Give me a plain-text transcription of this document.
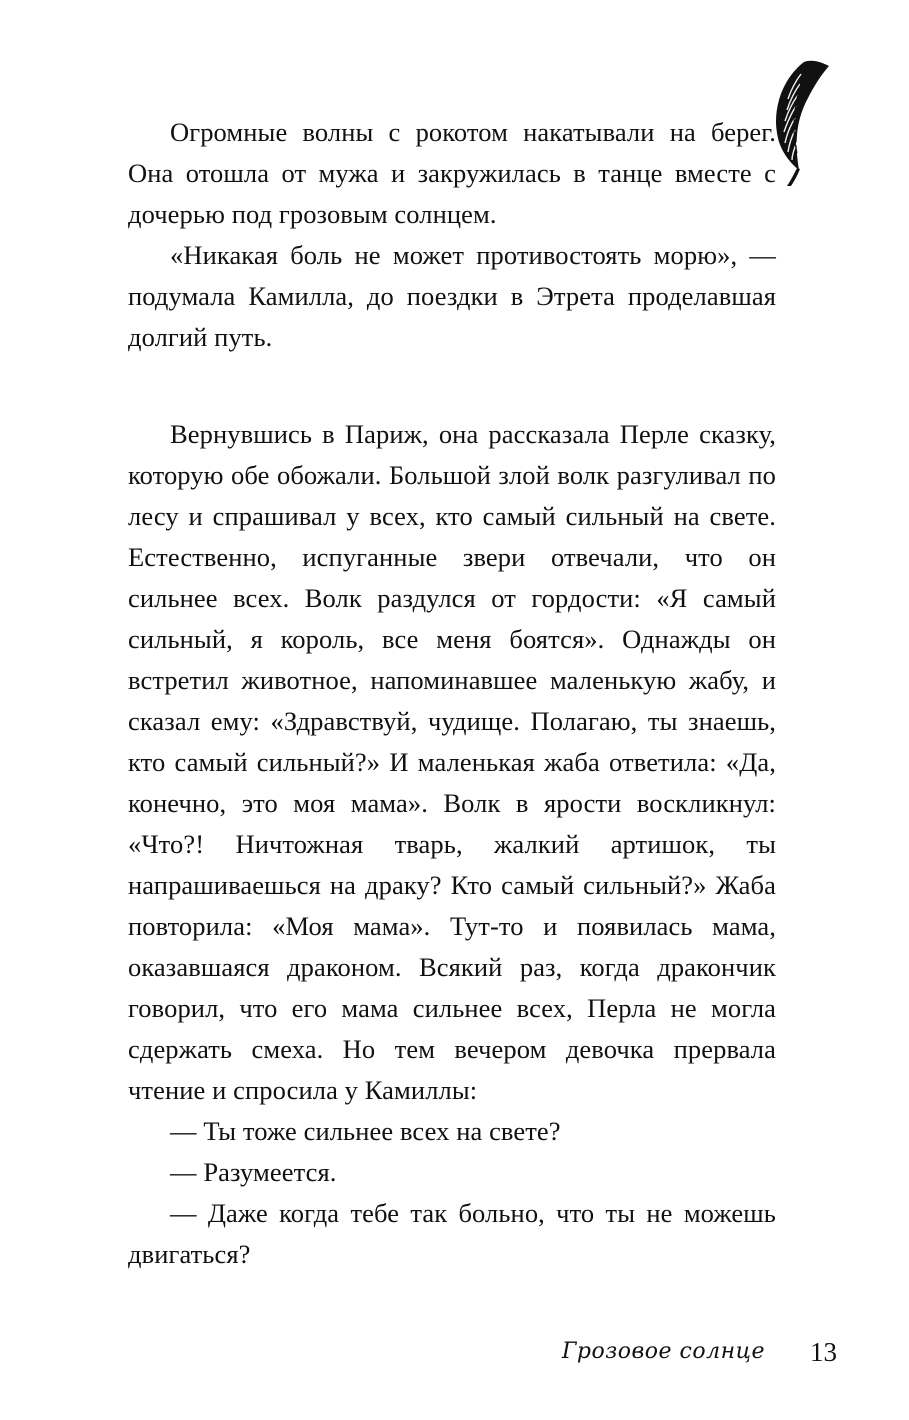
Огромные волны с рокотом накатывали на берег. Она отошла от мужа и закружилась в танце вместе с дочерью под грозовым солнцем.

«Никакая боль не может противостоять морю», — подумала Камилла, до поездки в Этрета проделавшая долгий путь.

Вернувшись в Париж, она рассказала Перле сказку, которую обе обожали. Большой злой волк разгуливал по лесу и спрашивал у всех, кто самый сильный на свете. Естественно, испуганные звери отвечали, что он сильнее всех. Волк раздулся от гордости: «Я самый сильный, я король, все меня боятся». Однажды он встретил животное, напоминавшее маленькую жабу, и сказал ему: «Здравствуй, чудище. Полагаю, ты знаешь, кто самый сильный?» И маленькая жаба ответила: «Да, конечно, это моя мама». Волк в ярости воскликнул: «Что?! Ничтожная тварь, жалкий артишок, ты напрашиваешься на драку? Кто самый сильный?» Жаба повторила: «Моя мама». Тут-то и появилась мама, оказавшаяся драконом. Всякий раз, когда дракончик говорил, что его мама сильнее всех, Перла не могла сдержать смеха. Но тем вечером девочка прервала чтение и спросила у Камиллы:

— Ты тоже сильнее всех на свете?

— Разумеется.

— Даже когда тебе так больно, что ты не можешь двигаться?

Грозовое солнце 13
